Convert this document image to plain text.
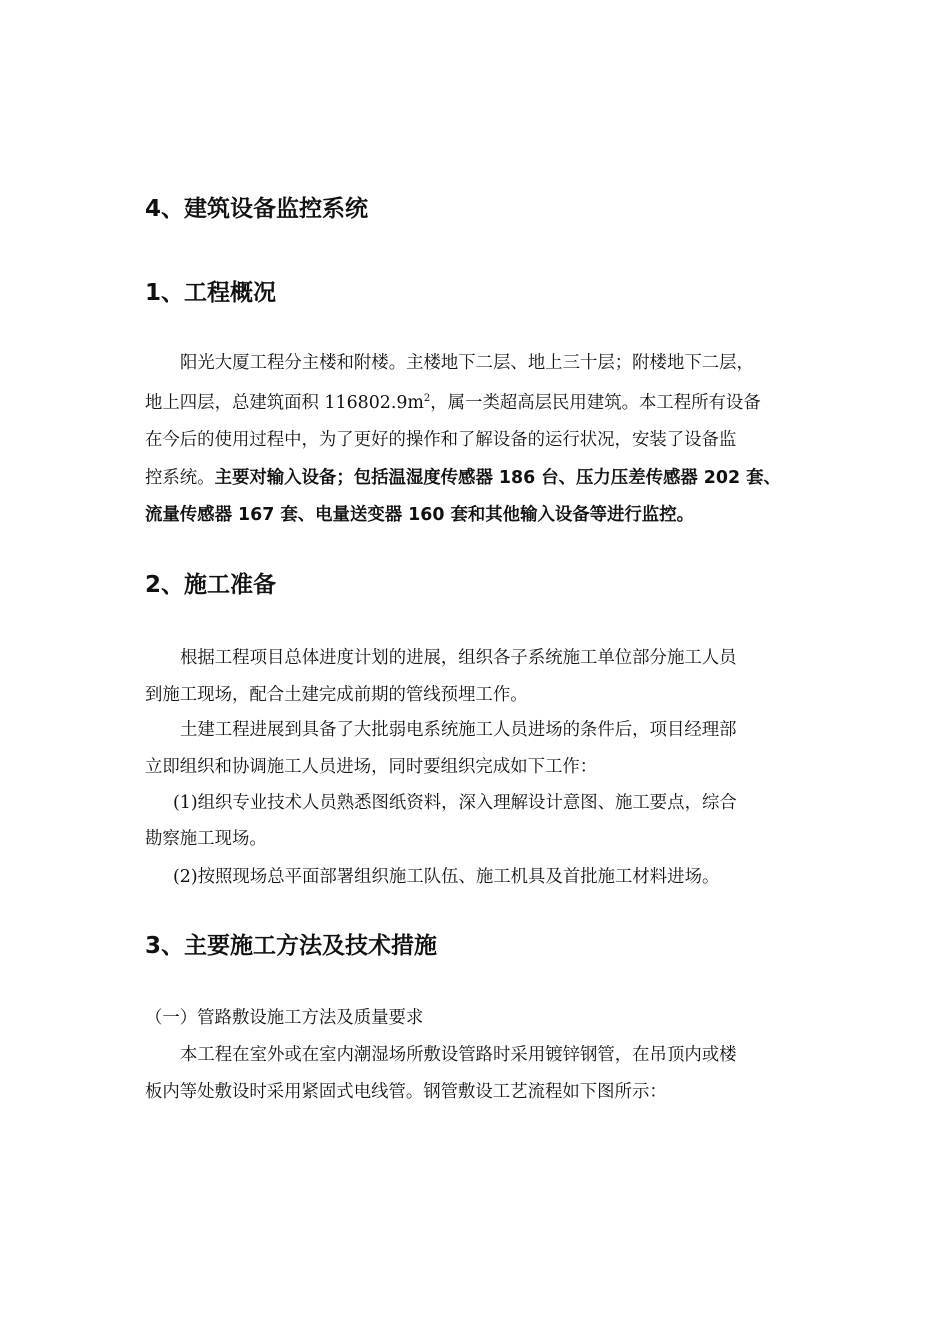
4、建筑设备监控系统
1、工程概况

阳光大厦工程分主楼和附楼。主楼地下二层、地上三十层；附楼地下二层，

地上四层，总建筑面积 $116802.9m^2$，属一类超高层民用建筑。本工程所有设备

在今后的使用过程中，为了更好的操作和了解设备的运行状况，安装了设备监

控系统。主要对输入设备；包括温湿度传感器 186 台、压力压差传感器 202 套、

流量传感器 167 套、电量送变器 160 套和其他输入设备等进行监控。

2、施工准备

根据工程项目总体进度计划的进展，组织各子系统施工单位部分施工人员

到施工现场，配合土建完成前期的管线预埋工作。

土建工程进展到具备了大批弱电系统施工人员进场的条件后，项目经理部

立即组织和协调施工人员进场，同时要组织完成如下工作：

(1)组织专业技术人员熟悉图纸资料，深入理解设计意图、施工要点，综合

勘察施工现场。

(2)按照现场总平面部署组织施工队伍、施工机具及首批施工材料进场。

3、主要施工方法及技术措施

（一）管路敷设施工方法及质量要求

本工程在室外或在室内潮湿场所敷设管路时采用镀锌钢管，在吊顶内或楼

板内等处敷设时采用紧固式电线管。钢管敷设工艺流程如下图所示：
